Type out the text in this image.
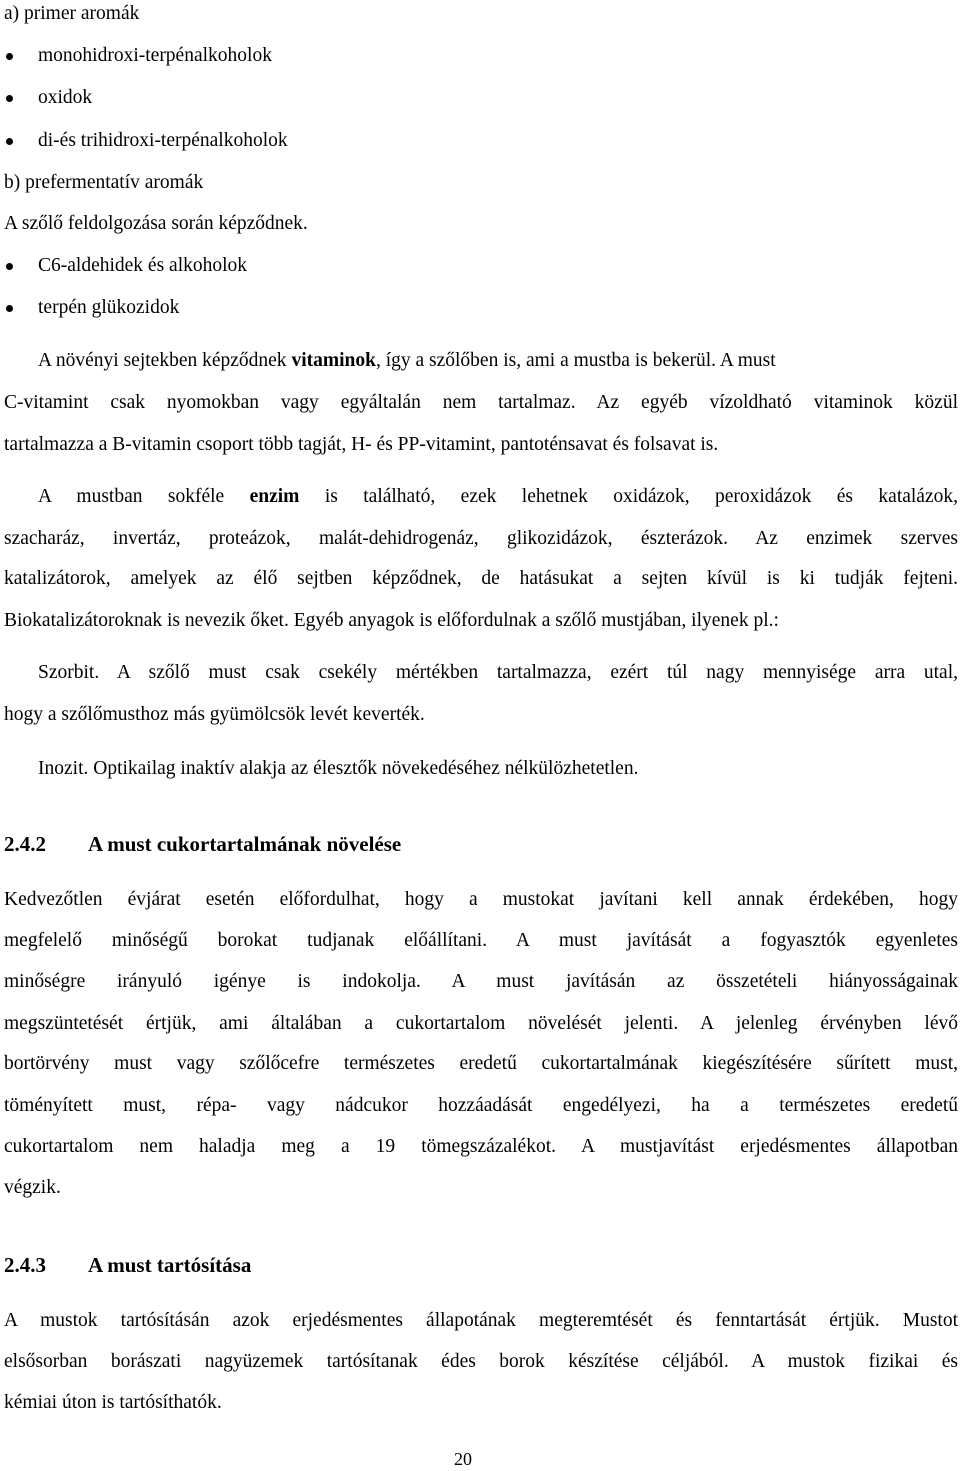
a) primer aromák
monohidroxi-terpénalkoholok
oxidok
di-és trihidroxi-terpénalkoholok
b) prefermentatív aromák
A szőlő feldolgozása során képződnek.
C6-aldehidek és alkoholok
terpén glükozidok
A növényi sejtekben képződnek vitaminok, így a szőlőben is, ami a mustba is bekerül. A must
C-vitamint csak nyomokban vagy egyáltalán nem tartalmaz. Az egyéb vízoldható vitaminok közül
tartalmazza a B-vitamin csoport több tagját, H- és PP-vitamint, pantoténsavat és folsavat is.
A mustban sokféle enzim is található, ezek lehetnek oxidázok, peroxidázok és katalázok,
szacharáz, invertáz, proteázok, malát-dehidrogenáz, glikozidázok, észterázok. Az enzimek szerves
katalizátorok, amelyek az élő sejtben képződnek, de hatásukat a sejten kívül is ki tudják fejteni.
Biokatalizátoroknak is nevezik őket. Egyéb anyagok is előfordulnak a szőlő mustjában, ilyenek pl.:
Szorbit. A szőlő must csak csekély mértékben tartalmazza, ezért túl nagy mennyisége arra utal,
hogy a szőlőmusthoz más gyümölcsök levét keverték.
Inozit. Optikailag inaktív alakja az élesztők növekedéséhez nélkülözhetetlen.
2.4.2 A must cukortartalmának növelése
Kedvezőtlen évjárat esetén előfordulhat, hogy a mustokat javítani kell annak érdekében, hogy
megfelelő minőségű borokat tudjanak előállítani. A must javítását a fogyasztók egyenletes
minőségre irányuló igénye is indokolja. A must javításán az összetételi hiányosságainak
megszüntetését értjük, ami általában a cukortartalom növelését jelenti. A jelenleg érvényben lévő
bortörvény must vagy szőlőcefre természetes eredetű cukortartalmának kiegészítésére sűrített must,
töményített must, répa- vagy nádcukor hozzáadását engedélyezi, ha a természetes eredetű
cukortartalom nem haladja meg a 19 tömegszázalékot. A mustjavítást erjedésmentes állapotban
végzik.
2.4.3 A must tartósítása
A mustok tartósításán azok erjedésmentes állapotának megteremtését és fenntartását értjük. Mustot
elsősorban borászati nagyüzemek tartósítanak édes borok készítése céljából. A mustok fizikai és
kémiai úton is tartósíthatók.
20
